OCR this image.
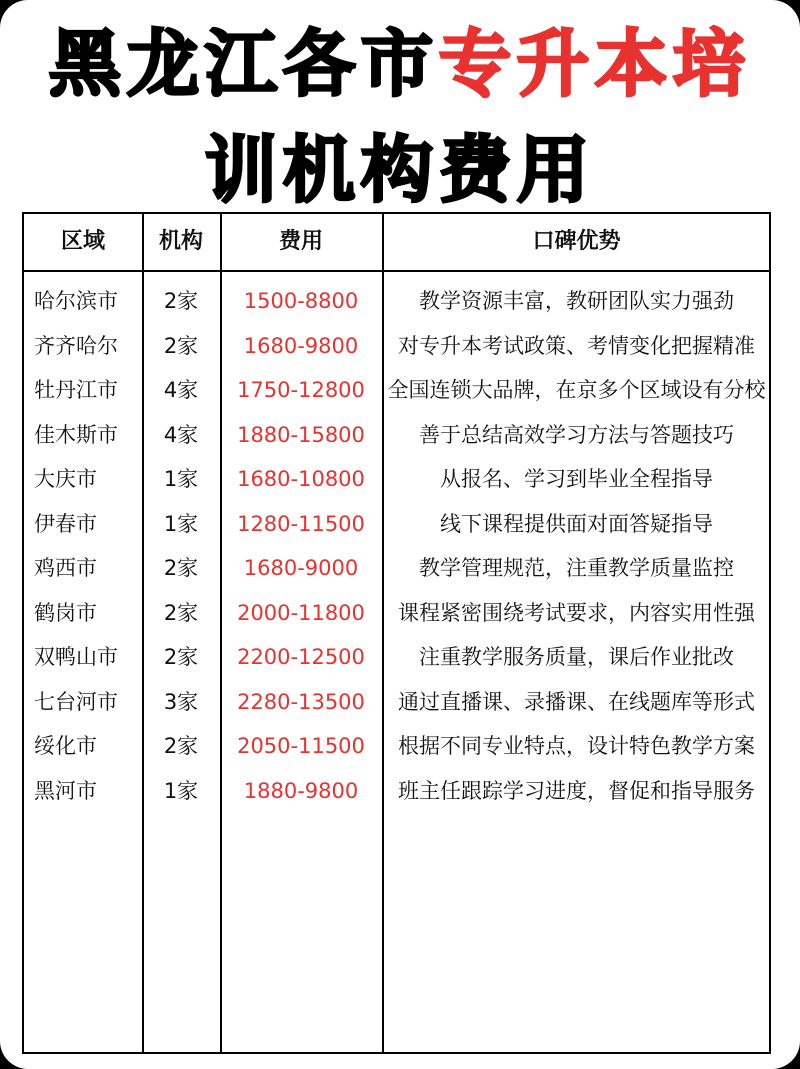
黑龙江各市专升本培
训机构费用
区域	机构	费用	口碑优势
哈尔滨市	2家	1500-8800	教学资源丰富，教研团队实力强劲
齐齐哈尔	2家	1680-9800	对专升本考试政策、考情变化把握精准
牡丹江市	4家	1750-12800	全国连锁大品牌，在京多个区域设有分校
佳木斯市	4家	1880-15800	善于总结高效学习方法与答题技巧
大庆市	1家	1680-10800	从报名、学习到毕业全程指导
伊春市	1家	1280-11500	线下课程提供面对面答疑指导
鸡西市	2家	1680-9000	教学管理规范，注重教学质量监控
鹤岗市	2家	2000-11800	课程紧密围绕考试要求，内容实用性强
双鸭山市	2家	2200-12500	注重教学服务质量，课后作业批改
七台河市	3家	2280-13500	通过直播课、录播课、在线题库等形式
绥化市	2家	2050-11500	根据不同专业特点，设计特色教学方案
黑河市	1家	1880-9800	班主任跟踪学习进度，督促和指导服务
